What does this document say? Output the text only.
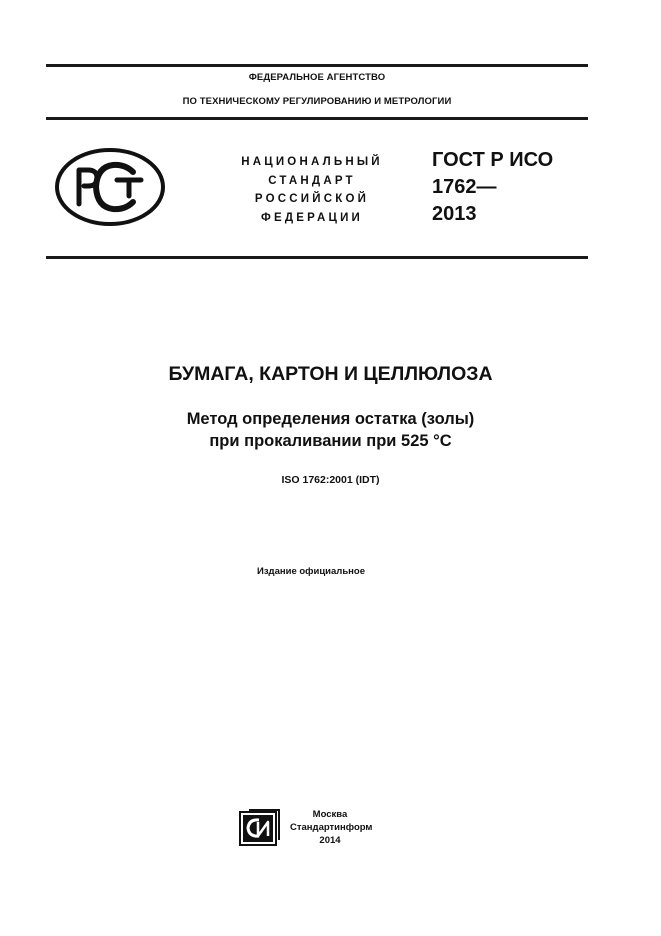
ФЕДЕРАЛЬНОЕ АГЕНТСТВО
ПО ТЕХНИЧЕСКОМУ РЕГУЛИРОВАНИЮ И МЕТРОЛОГИИ
НАЦИОНАЛЬНЫЙ
СТАНДАРТ
РОССИЙСКОЙ
ФЕДЕРАЦИИ
ГОСТ Р ИСО
1762—
2013
БУМАГА, КАРТОН И ЦЕЛЛЮЛОЗА
Метод определения остатка (золы)
при прокаливании при 525 °С
ISO 1762:2001 (IDT)
Издание официальное
Москва
Стандартинформ
2014
